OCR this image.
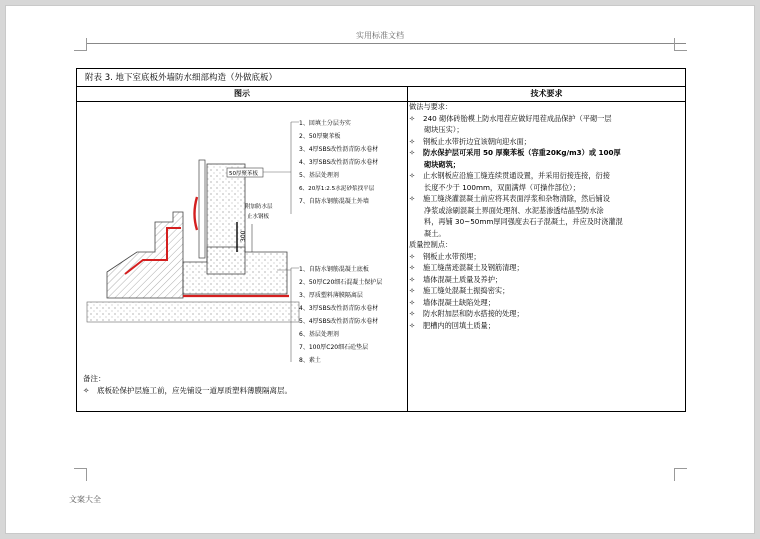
实用标准文档
文案大全
附表 3. 地下室底板外墙防水细部构造（外做底板）
图示	技术要求
300
50厚聚苯板
附加防水层
止水钢板
1、回填土分层夯实
2、50厚聚苯板
3、4厚SBS改性沥青防水卷材
4、3厚SBS改性沥青防水卷材
5、基层处理剂
6、20厚1:2.5水泥砂浆找平层
7、自防水钢筋混凝土外墙
1、自防水钢筋混凝土底板
2、50厚C20细石混凝土保护层
3、厚质塑料薄膜隔离层
4、3厚SBS改性沥青防水卷材
5、4厚SBS改性沥青防水卷材
6、基层处理剂
7、100厚C20细石砼垫层
8、素土
备注：
✧ 底板砼保护层施工前，应先铺设一道厚质塑料薄膜隔离层。
做法与要求：
✧ 240 砌体砖胎模上防水甩茬应做好甩茬成品保护（平砌一层
砌块压实）；
✧ 钢板止水带折边宜该朝向迎水面；
✧ 防水保护层可采用 50 厚聚苯板（容重20Kg/m3）或 100厚
砌块砌筑；
✧ 止水钢板应沿施工缝连续贯通设置，并采用衍接连接，衍接
长度不少于 100mm，双面满焊（可操作部位）；
✧ 施工缝浇灌混凝土前应将其表面浮浆和杂物清除，然后铺设
净浆或涂刷混凝土界面处理剂、水泥基渗透结晶型防水涂
料，再铺 30~50mm厚同强度去石子混凝土，并应及时浇灌混
凝土。
质量控制点：
✧ 钢板止水带预埋；
✧ 施工缝凿迹混凝土及钢筋清理；
✧ 墙体混凝土质量及养护；
✧ 施工缝处混凝土振捣密实；
✧ 墙体混凝土缺陷处理；
✧ 防水附加层和防水搭接的处理；
✧ 肥槽内的回填土质量；
